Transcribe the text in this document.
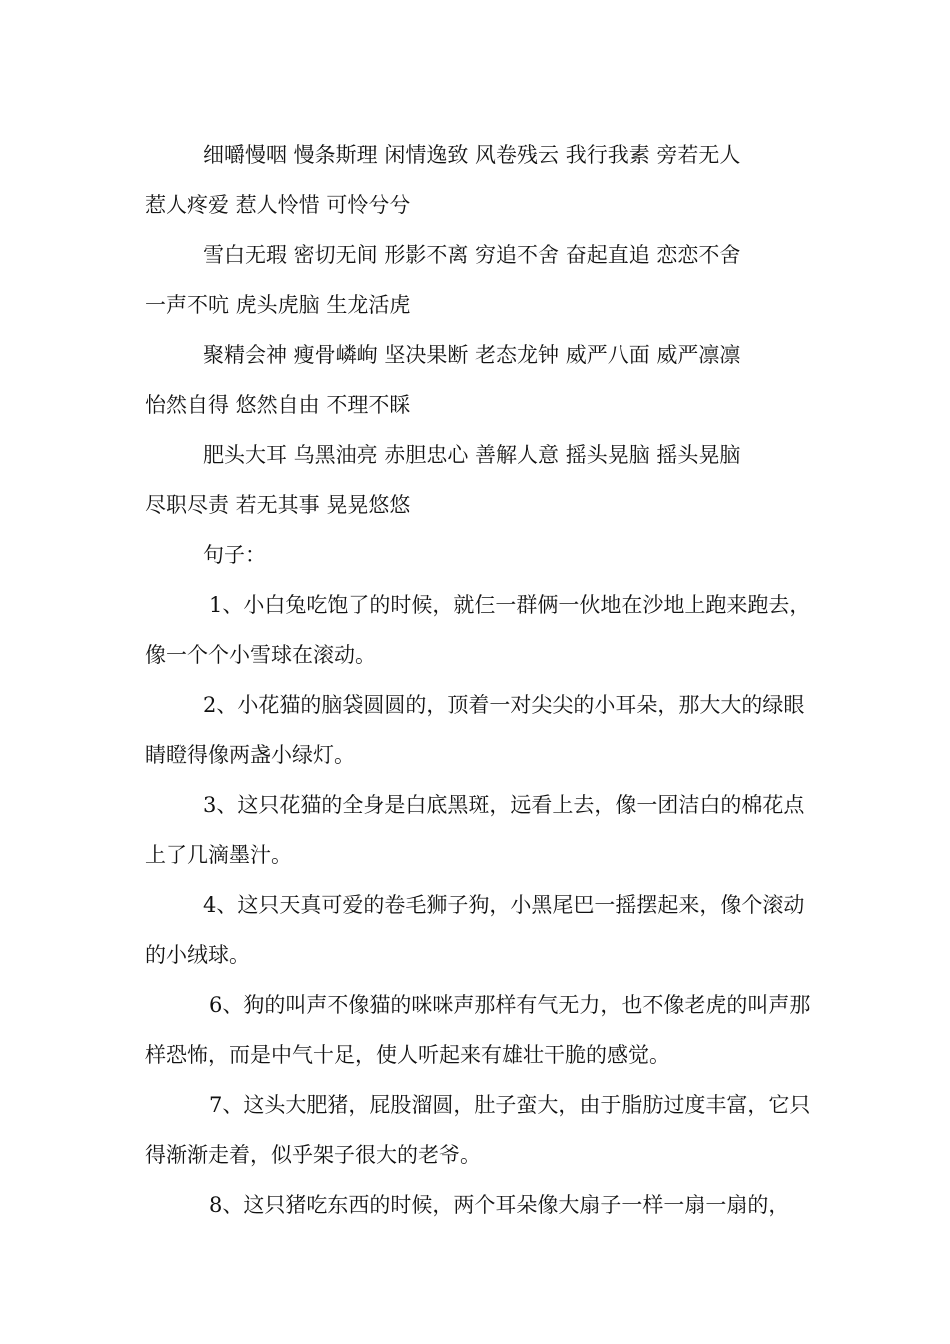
细嚼慢咽 慢条斯理 闲情逸致 风卷残云 我行我素 旁若无人

惹人疼爱 惹人怜惜 可怜兮兮

雪白无瑕 密切无间 形影不离 穷追不舍 奋起直追 恋恋不舍

一声不吭 虎头虎脑 生龙活虎

聚精会神 瘦骨嶙峋 坚决果断 老态龙钟 威严八面 威严凛凛

怡然自得 悠然自由 不理不睬

肥头大耳 乌黑油亮 赤胆忠心 善解人意 摇头晃脑 摇头晃脑

尽职尽责 若无其事 晃晃悠悠

句子：

1、小白兔吃饱了的时候，就仨一群俩一伙地在沙地上跑来跑去，像一个个小雪球在滚动。

2、小花猫的脑袋圆圆的，顶着一对尖尖的小耳朵，那大大的绿眼睛瞪得像两盏小绿灯。

3、这只花猫的全身是白底黑斑，远看上去，像一团洁白的棉花点上了几滴墨汁。

4、这只天真可爱的卷毛狮子狗，小黑尾巴一摇摆起来，像个滚动的小绒球。

6、狗的叫声不像猫的咪咪声那样有气无力，也不像老虎的叫声那样恐怖，而是中气十足，使人听起来有雄壮干脆的感觉。

7、这头大肥猪，屁股溜圆，肚子蛮大，由于脂肪过度丰富，它只得渐渐走着，似乎架子很大的老爷。

8、这只猪吃东西的时候，两个耳朵像大扇子一样一扇一扇的，
